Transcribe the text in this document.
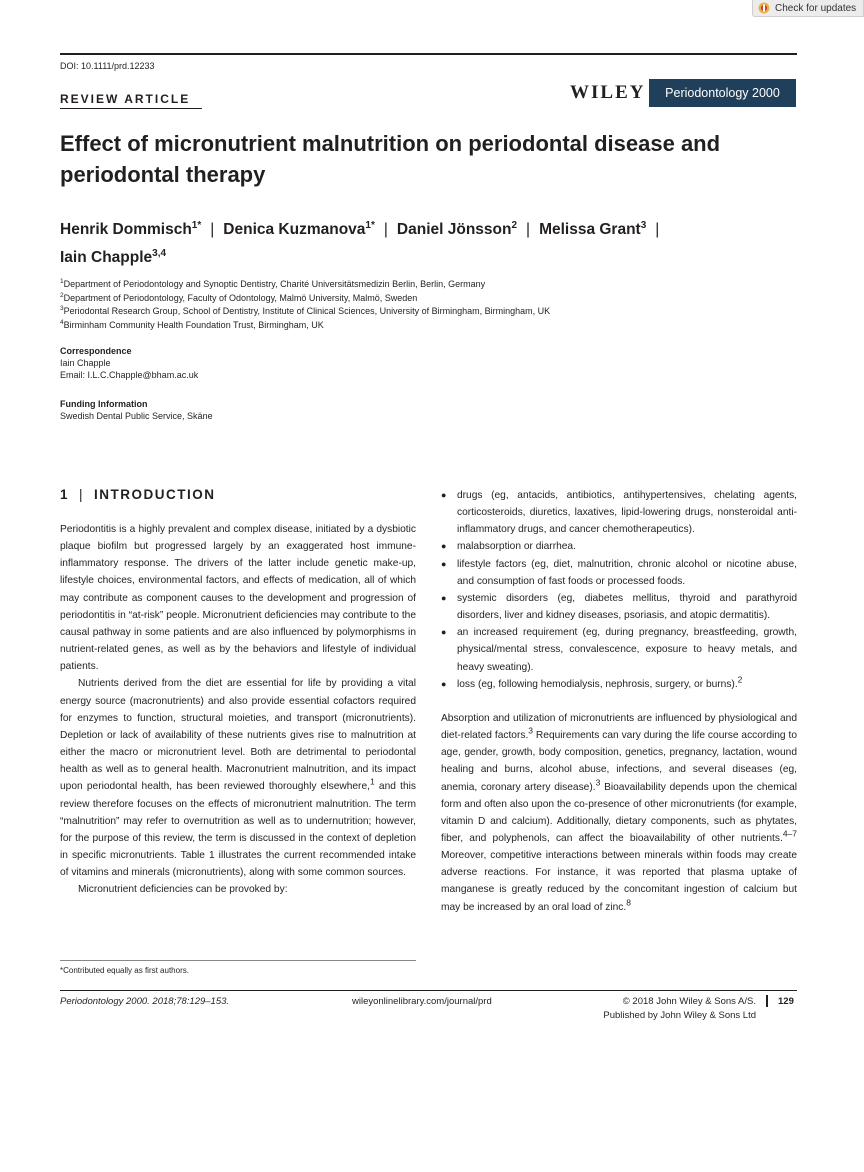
Check for updates
DOI: 10.1111/prd.12233
REVIEW ARTICLE	WILEY	Periodontology 2000
Effect of micronutrient malnutrition on periodontal disease and periodontal therapy
Henrik Dommisch$^{1*}$ | Denica Kuzmanova$^{1*}$ | Daniel Jönsson$^2$ | Melissa Grant$^3$ |
Iain Chapple$^{3,4}$
$^1$Department of Periodontology and Synoptic Dentistry, Charité Universitätsmedizin Berlin, Berlin, Germany
$^2$Department of Periodontology, Faculty of Odontology, Malmö University, Malmö, Sweden
$^3$Periodontal Research Group, School of Dentistry, Institute of Clinical Sciences, University of Birmingham, Birmingham, UK
$^4$Birminham Community Health Foundation Trust, Birmingham, UK
Correspondence
Iain Chapple
Email: I.L.C.Chapple@bham.ac.uk
Funding Information
Swedish Dental Public Service, Skäne
1 | INTRODUCTION

Periodontitis is a highly prevalent and complex disease, initiated by a dysbiotic plaque biofilm but progressed largely by an exaggerated host immune-inflammatory response. The drivers of the latter include genetic make-up, lifestyle choices, environmental factors, and effects of medication, all of which may contribute as component causes to the development and progression of periodontitis in “at-risk” people. Micronutrient deficiencies may contribute to the causal pathway in some patients and are also influenced by polymorphisms in nutrient-related genes, as well as by the behaviors and lifestyle of individual patients.

Nutrients derived from the diet are essential for life by providing a vital energy source (macronutrients) and also provide essential cofactors required for enzymes to function, structural moieties, and transport (micronutrients). Depletion or lack of availability of these nutrients gives rise to malnutrition at either the macro or micronutrient level. Both are detrimental to periodontal health as well as to general health. Macronutrient malnutrition, and its impact upon periodontal health, has been reviewed thoroughly elsewhere,$^1$ and this review therefore focuses on the effects of micronutrient malnutrition. The term “malnutrition” may refer to overnutrition as well as to undernutrition; however, for the purpose of this review, the term is discussed in the context of depletion in specific micronutrients. Table 1 illustrates the current recommended intake of vitamins and minerals (micronutrients), along with some common sources.

Micronutrient deficiencies can be provoked by:

● drugs (eg, antacids, antibiotics, antihypertensives, chelating agents, corticosteroids, diuretics, laxatives, lipid-lowering drugs, nonsteroidal anti-inflammatory drugs, and cancer chemotherapeutics).
● malabsorption or diarrhea.
● lifestyle factors (eg, diet, malnutrition, chronic alcohol or nicotine abuse, and consumption of fast foods or processed foods.
● systemic disorders (eg, diabetes mellitus, thyroid and parathyroid disorders, liver and kidney diseases, psoriasis, and atopic dermatitis).
● an increased requirement (eg, during pregnancy, breastfeeding, growth, physical/mental stress, convalescence, exposure to heavy metals, and heavy sweating).
● loss (eg, following hemodialysis, nephrosis, surgery, or burns).$^2$

Absorption and utilization of micronutrients are influenced by physiological and diet-related factors.$^3$ Requirements can vary during the life course according to age, gender, growth, body composition, genetics, pregnancy, lactation, wound healing and burns, alcohol abuse, infections, and several diseases (eg, anemia, coronary artery disease).$^3$ Bioavailability depends upon the chemical form and often also upon the co-presence of other micronutrients (for example, vitamin D and calcium). Additionally, dietary components, such as phytates, fiber, and polyphenols, can affect the bioavailability of other nutrients.$^{4-7}$ Moreover, competitive interactions between minerals within foods may create adverse reactions. For instance, it was reported that plasma uptake of manganese is greatly reduced by the concomitant ingestion of calcium but may be increased by an oral load of zinc.$^8$

*Contributed equally as first authors.
Periodontology 2000. 2018;78:129–153.	wileyonlinelibrary.com/journal/prd	© 2018 John Wiley & Sons A/S. 129
Published by John Wiley & Sons Ltd
